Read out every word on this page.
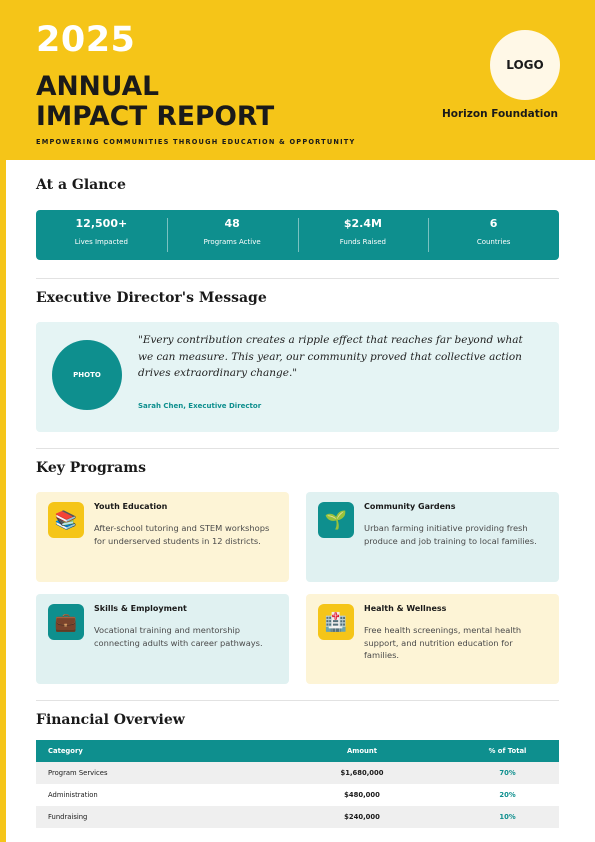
2025
ANNUAL
IMPACT REPORT
EMPOWERING COMMUNITIES THROUGH EDUCATION & OPPORTUNITY
LOGO
Horizon Foundation
At a Glance
12,500+
Lives Impacted
48
Programs Active
$2.4M
Funds Raised
6
Countries
Executive Director's Message
PHOTO
"Every contribution creates a ripple effect that reaches far beyond what we can measure. This year, our community proved that collective action drives extraordinary change."
Sarah Chen, Executive Director
Key Programs
📚
Youth Education
After-school tutoring and STEM workshops for underserved students in 12 districts.
🌱
Community Gardens
Urban farming initiative providing fresh produce and job training to local families.
💼
Skills & Employment
Vocational training and mentorship connecting adults with career pathways.
🏥
Health & Wellness
Free health screenings, mental health support, and nutrition education for families.
Financial Overview
Category	Amount	% of Total
Program Services	$1,680,000	70%
Administration	$480,000	20%
Fundraising	$240,000	10%
